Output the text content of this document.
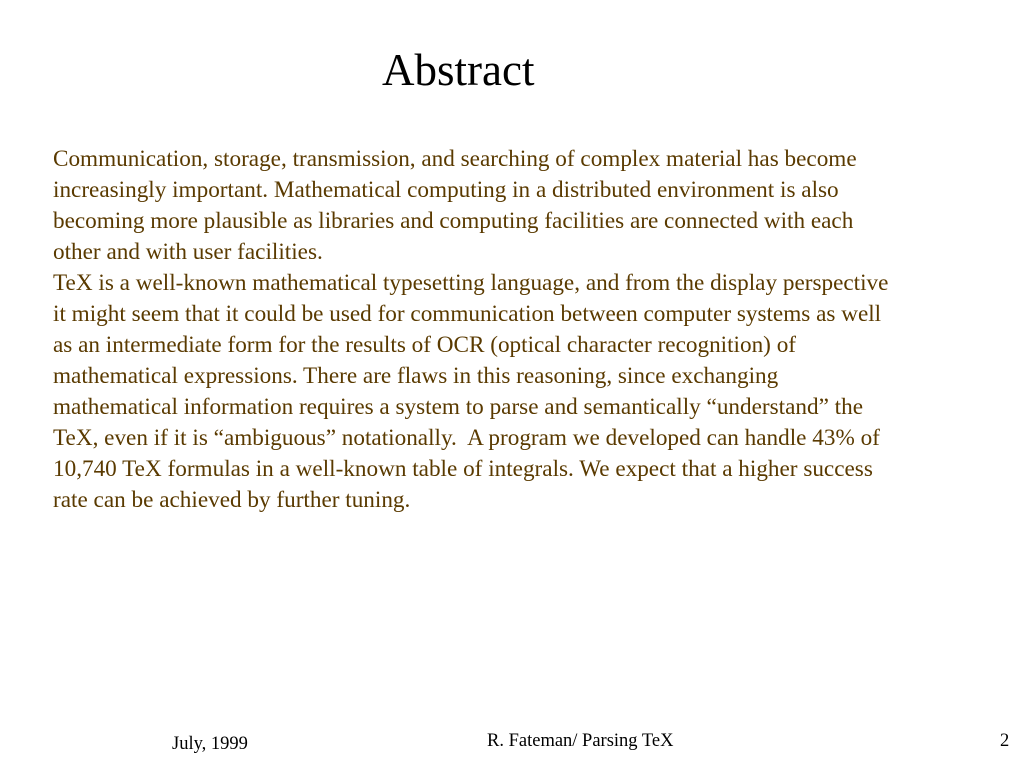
Abstract
Communication, storage, transmission, and searching of complex material has become
increasingly important. Mathematical computing in a distributed environment is also
becoming more plausible as libraries and computing facilities are connected with each
other and with user facilities.
TeX is a well-known mathematical typesetting language, and from the display perspective
it might seem that it could be used for communication between computer systems as well
as an intermediate form for the results of OCR (optical character recognition) of
mathematical expressions. There are flaws in this reasoning, since exchanging
mathematical information requires a system to parse and semantically “understand” the
TeX, even if it is “ambiguous” notationally.  A program we developed can handle 43% of
10,740 TeX formulas in a well-known table of integrals. We expect that a higher success
rate can be achieved by further tuning.
July, 1999	R. Fateman/ Parsing TeX	2
